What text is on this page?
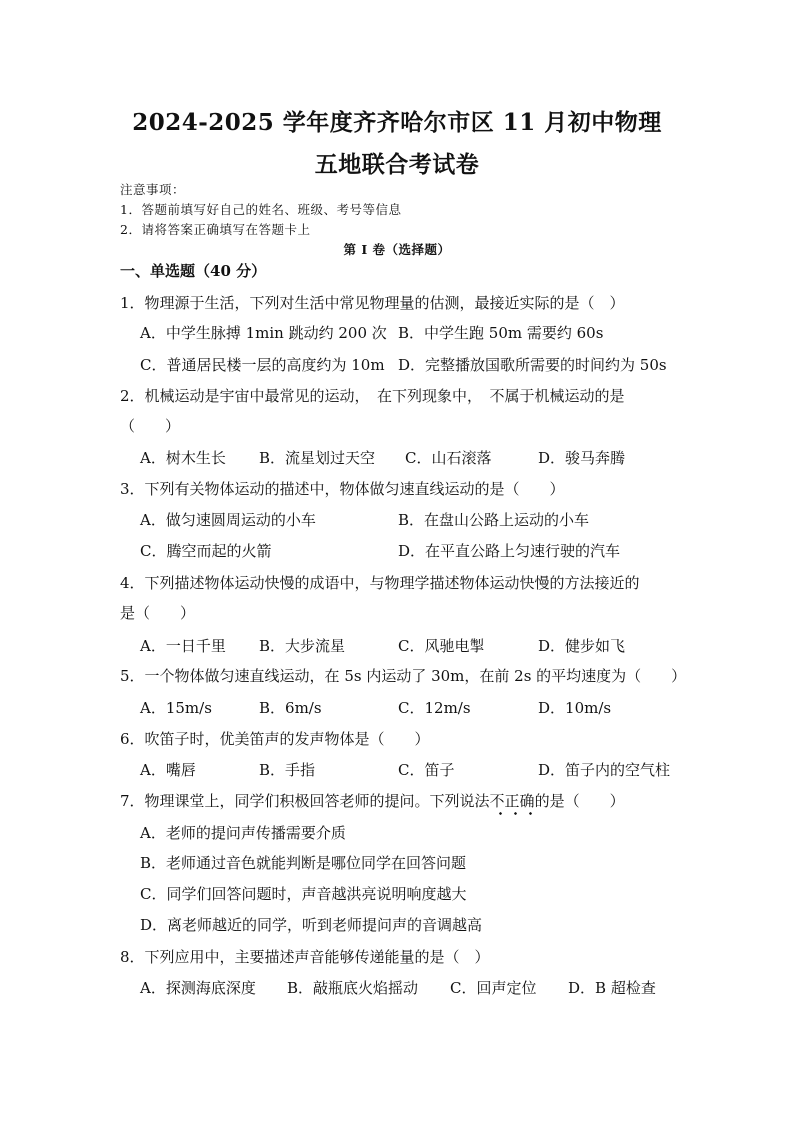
2024-2025 学年度齐齐哈尔市区 11 月初中物理
五地联合考试卷
注意事项：
1．答题前填写好自己的姓名、班级、考号等信息
2．请将答案正确填写在答题卡上
第 I 卷（选择题）
一、单选题（40 分）
1．物理源于生活，下列对生活中常见物理量的估测，最接近实际的是（　）
A．中学生脉搏 1min 跳动约 200 次 B．中学生跑 50m 需要约 60s
C．普通居民楼一层的高度约为 10m D．完整播放国歌所需要的时间约为 50s
2．机械运动是宇宙中最常见的运动，　在下列现象中，　不属于机械运动的是
（　　）
A．树木生长 B．流星划过天空 C．山石滚落	D．骏马奔腾
3．下列有关物体运动的描述中，物体做匀速直线运动的是（　　）
A．做匀速圆周运动的小车	B．在盘山公路上运动的小车
C．腾空而起的火箭	D．在平直公路上匀速行驶的汽车
4．下列描述物体运动快慢的成语中，与物理学描述物体运动快慢的方法接近的
是（　　）
A．一日千里 B．大步流星	C．风驰电掣	D．健步如飞
5．一个物体做匀速直线运动，在 5s 内运动了 30m，在前 2s 的平均速度为（　　）
A．15m/s	B．6m/s	C．12m/s	D．10m/s
6．吹笛子时，优美笛声的发声物体是（　　）
A．嘴唇	B．手指	C．笛子	D．笛子内的空气柱
7．物理课堂上，同学们积极回答老师的提问。下列说法不正确的是（　　）
A．老师的提问声传播需要介质
B．老师通过音色就能判断是哪位同学在回答问题
C．同学们回答问题时，声音越洪亮说明响度越大
D．离老师越近的同学，听到老师提问声的音调越高
8．下列应用中，主要描述声音能够传递能量的是（　）
A．探测海底深度 B．敲瓶底火焰摇动 C．回声定位 D．B 超检查
